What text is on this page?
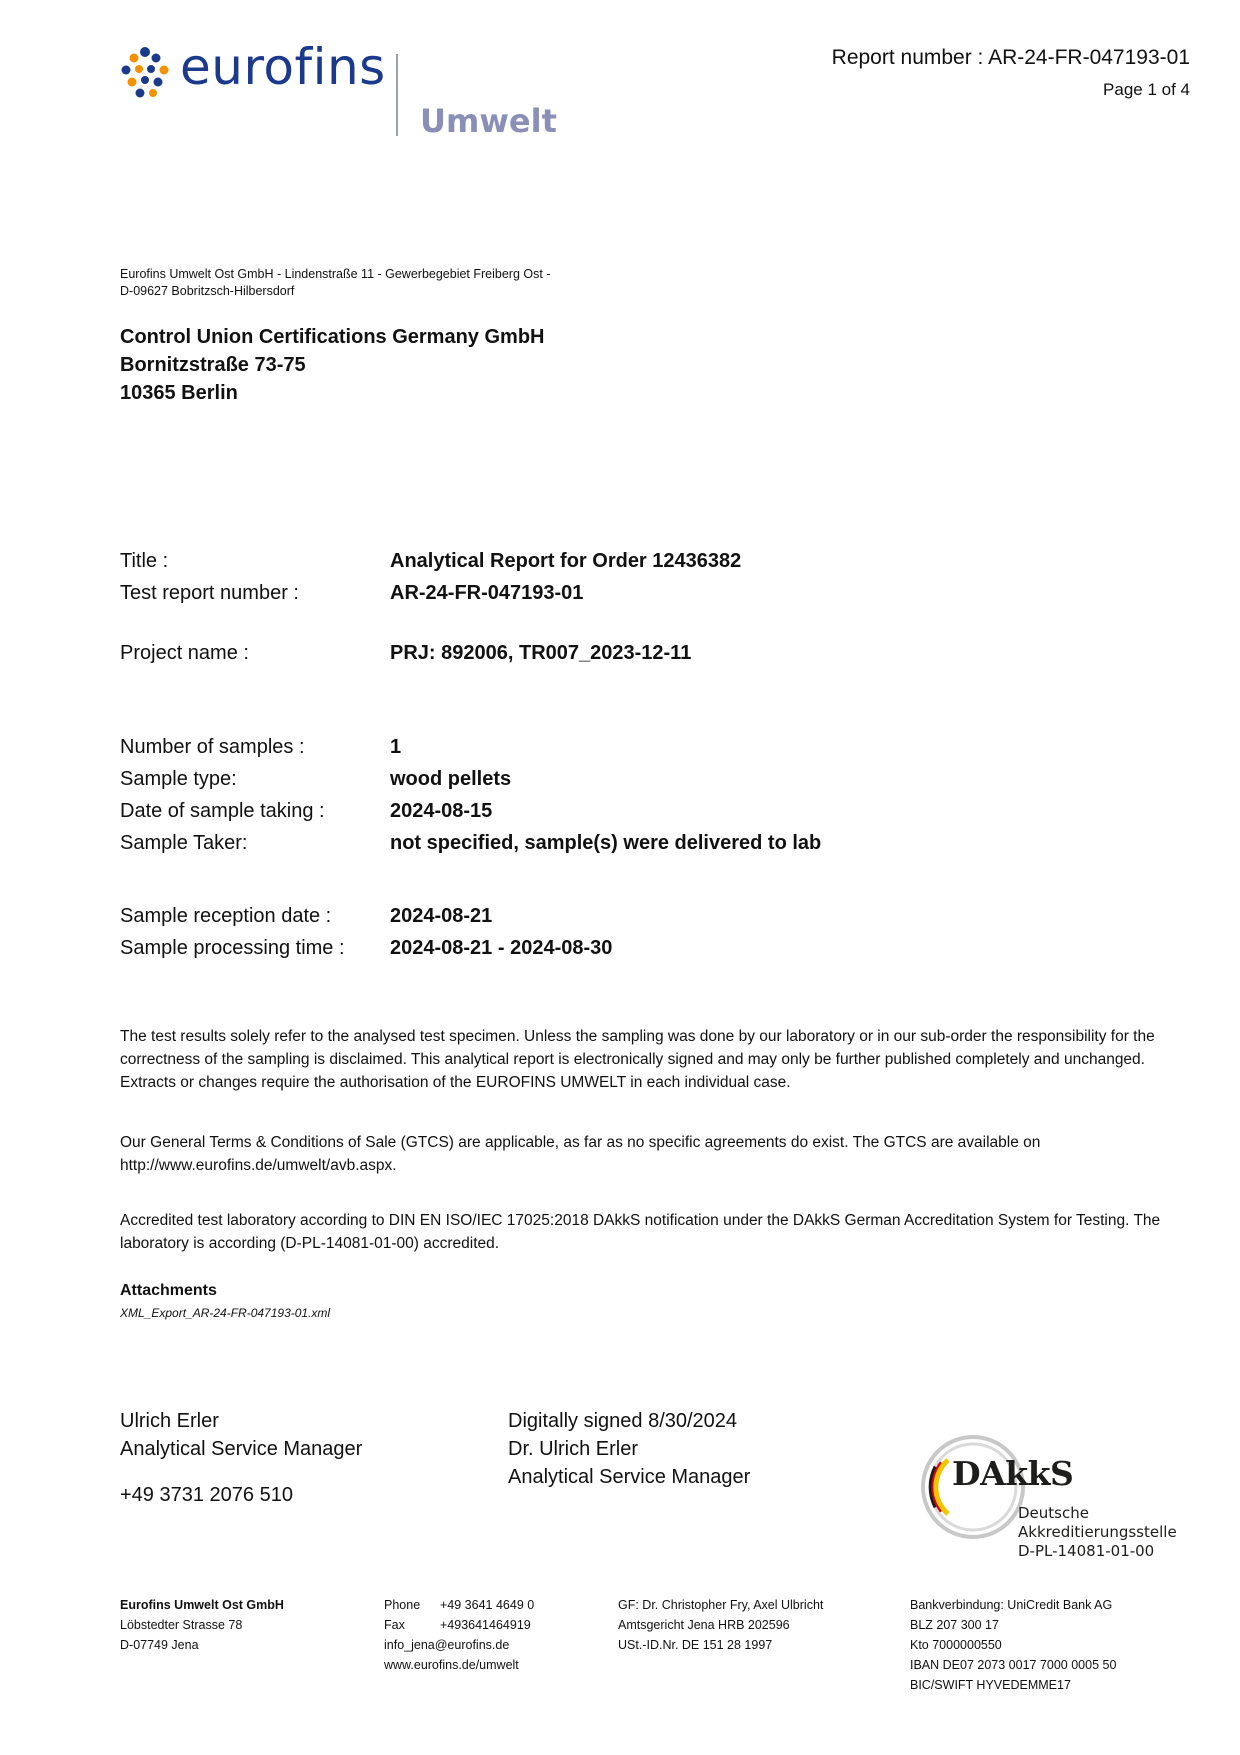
eurofins
Umwelt
Report number : AR-24-FR-047193-01
Page 1 of 4
Eurofins Umwelt Ost GmbH - Lindenstraße 11 - Gewerbegebiet Freiberg Ost -
D-09627 Bobritzsch-Hilbersdorf
Control Union Certifications Germany GmbH
Bornitzstraße 73-75
10365 Berlin
Title :	Analytical Report for Order 12436382
Test report number :	AR-24-FR-047193-01
Project name :	PRJ: 892006, TR007_2023-12-11
Number of samples :	1
Sample type:	wood pellets
Date of sample taking :	2024-08-15
Sample Taker:	not specified, sample(s) were delivered to lab
Sample reception date :	2024-08-21
Sample processing time : 2024-08-21 - 2024-08-30
The test results solely refer to the analysed test specimen. Unless the sampling was done by our laboratory or in our sub-order the responsibility for the correctness of the sampling is disclaimed. This analytical report is electronically signed and may only be further published completely and unchanged. Extracts or changes require the authorisation of the EUROFINS UMWELT in each individual case.
Our General Terms & Conditions of Sale (GTCS) are applicable, as far as no specific agreements do exist. The GTCS are available on http://www.eurofins.de/umwelt/avb.aspx.
Accredited test laboratory according to DIN EN ISO/IEC 17025:2018 DAkkS notification under the DAkkS German Accreditation System for Testing. The laboratory is according (D-PL-14081-01-00) accredited.
Attachments
XML_Export_AR-24-FR-047193-01.xml
Ulrich Erler
Analytical Service Manager
+49 3731 2076 510
Digitally signed 8/30/2024
Dr. Ulrich Erler
Analytical Service Manager	DAkkS
Deutsche
Akkreditierungsstelle
D-PL-14081-01-00
Eurofins Umwelt Ost GmbH
Löbstedter Strasse 78
D-07749 Jena
Phone	+49 3641 4649 0
Fax	+493641464919
info_jena@eurofins.de
www.eurofins.de/umwelt
GF: Dr. Christopher Fry, Axel Ulbricht
Amtsgericht Jena HRB 202596
USt.-ID.Nr. DE 151 28 1997
Bankverbindung: UniCredit Bank AG
BLZ 207 300 17
Kto 7000000550
IBAN DE07 2073 0017 7000 0005 50
BIC/SWIFT HYVEDEMME17
